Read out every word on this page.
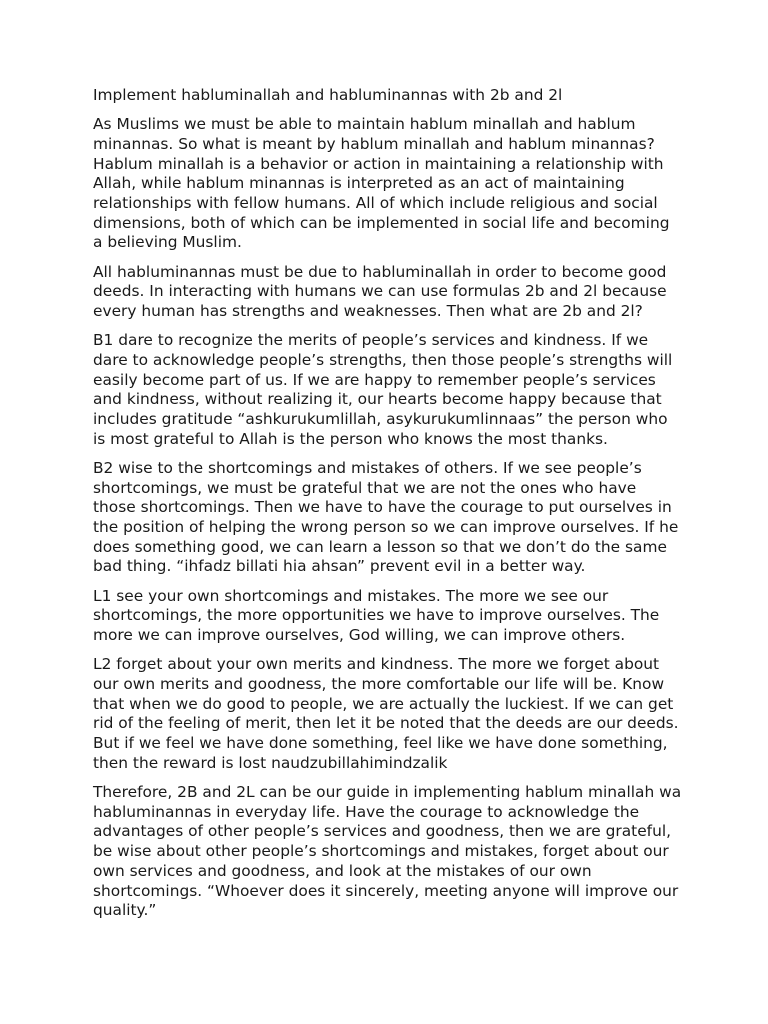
Implement habluminallah and habluminannas with 2b and 2l

As Muslims we must be able to maintain hablum minallah and hablum minannas. So what is meant by hablum minallah and hablum minannas? Hablum minallah is a behavior or action in maintaining a relationship with Allah, while hablum minannas is interpreted as an act of maintaining relationships with fellow humans. All of which include religious and social dimensions, both of which can be implemented in social life and becoming a believing Muslim.

All habluminannas must be due to habluminallah in order to become good deeds. In interacting with humans we can use formulas 2b and 2l because every human has strengths and weaknesses. Then what are 2b and 2l?

B1 dare to recognize the merits of people’s services and kindness. If we dare to acknowledge people’s strengths, then those people’s strengths will easily become part of us. If we are happy to remember people’s services and kindness, without realizing it, our hearts become happy because that includes gratitude “ashkurukumlillah, asykurukumlinnaas” the person who is most grateful to Allah is the person who knows the most thanks.

B2 wise to the shortcomings and mistakes of others. If we see people’s shortcomings, we must be grateful that we are not the ones who have those shortcomings. Then we have to have the courage to put ourselves in the position of helping the wrong person so we can improve ourselves. If he does something good, we can learn a lesson so that we don’t do the same bad thing. “ihfadz billati hia ahsan” prevent evil in a better way.

L1 see your own shortcomings and mistakes. The more we see our shortcomings, the more opportunities we have to improve ourselves. The more we can improve ourselves, God willing, we can improve others.

L2 forget about your own merits and kindness. The more we forget about our own merits and goodness, the more comfortable our life will be. Know that when we do good to people, we are actually the luckiest. If we can get rid of the feeling of merit, then let it be noted that the deeds are our deeds. But if we feel we have done something, feel like we have done something, then the reward is lost naudzubillahimindzalik

Therefore, 2B and 2L can be our guide in implementing hablum minallah wa habluminannas in everyday life. Have the courage to acknowledge the advantages of other people’s services and goodness, then we are grateful, be wise about other people’s shortcomings and mistakes, forget about our own services and goodness, and look at the mistakes of our own shortcomings. “Whoever does it sincerely, meeting anyone will improve our quality.”
